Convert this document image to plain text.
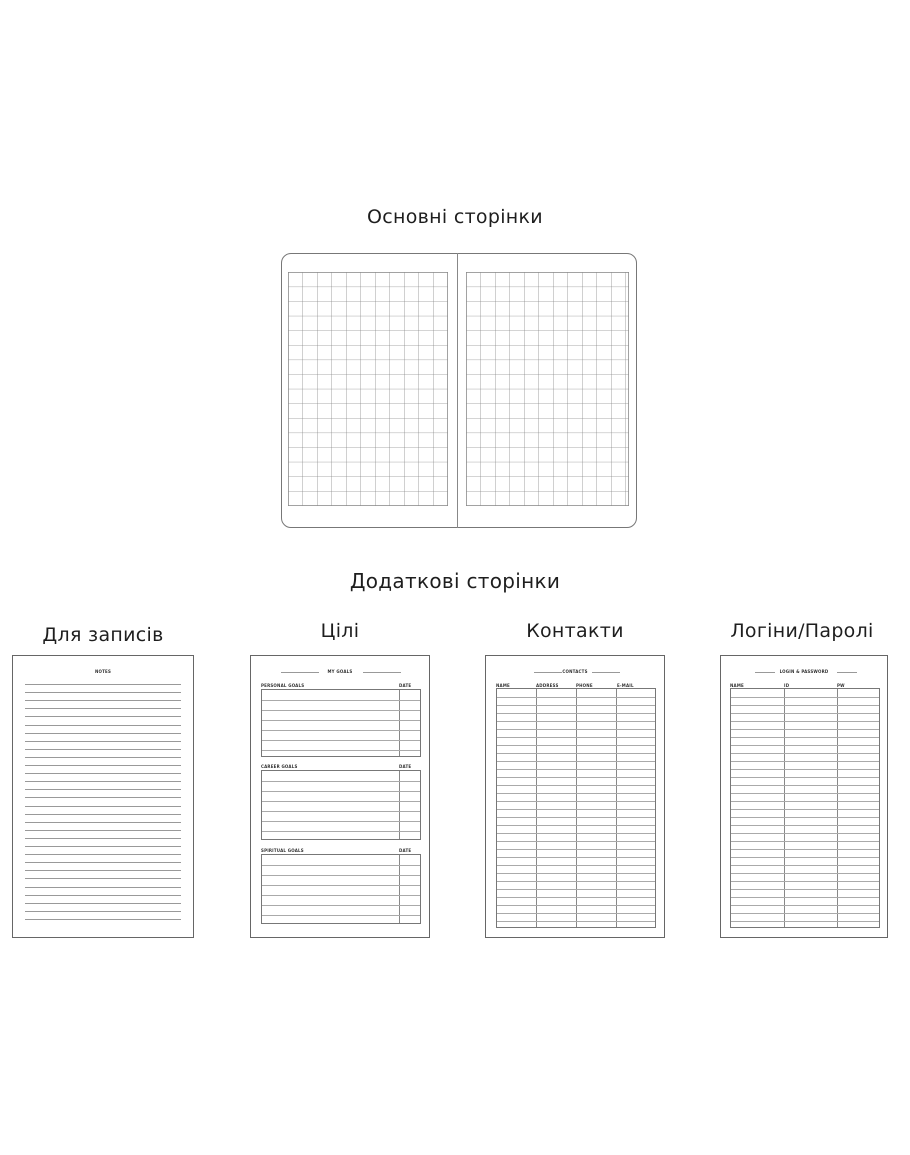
Основні сторінки
Додаткові сторінки
Для записів	Цілі	Контакти	Логіни/Паролі
NOTES	MY GOALS
PERSONAL GOALS	DATE
CAREER GOALS	DATE
SPIRITUAL GOALS	DATE
CONTACTS
NAME	ADDRESS	PHONE	E-MAIL
LOGIN & PASSWORD
NAME	ID	PW
